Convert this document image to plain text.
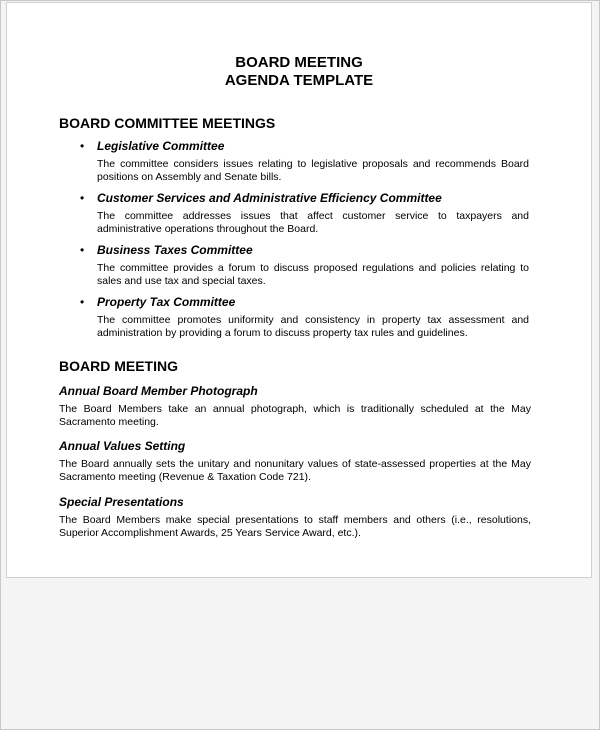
BOARD MEETING
AGENDA TEMPLATE
BOARD COMMITTEE MEETINGS
• Legislative Committee
The committee considers issues relating to legislative proposals and recommends Board positions on Assembly and Senate bills.
• Customer Services and Administrative Efficiency Committee
The committee addresses issues that affect customer service to taxpayers and administrative operations throughout the Board.
• Business Taxes Committee
The committee provides a forum to discuss proposed regulations and policies relating to sales and use tax and special taxes.
• Property Tax Committee
The committee promotes uniformity and consistency in property tax assessment and administration by providing a forum to discuss property tax rules and guidelines.
BOARD MEETING
Annual Board Member Photograph
The Board Members take an annual photograph, which is traditionally scheduled at the May Sacramento meeting.
Annual Values Setting
The Board annually sets the unitary and nonunitary values of state-assessed properties at the May Sacramento meeting (Revenue & Taxation Code 721).
Special Presentations
The Board Members make special presentations to staff members and others (i.e., resolutions, Superior Accomplishment Awards, 25 Years Service Award, etc.).
